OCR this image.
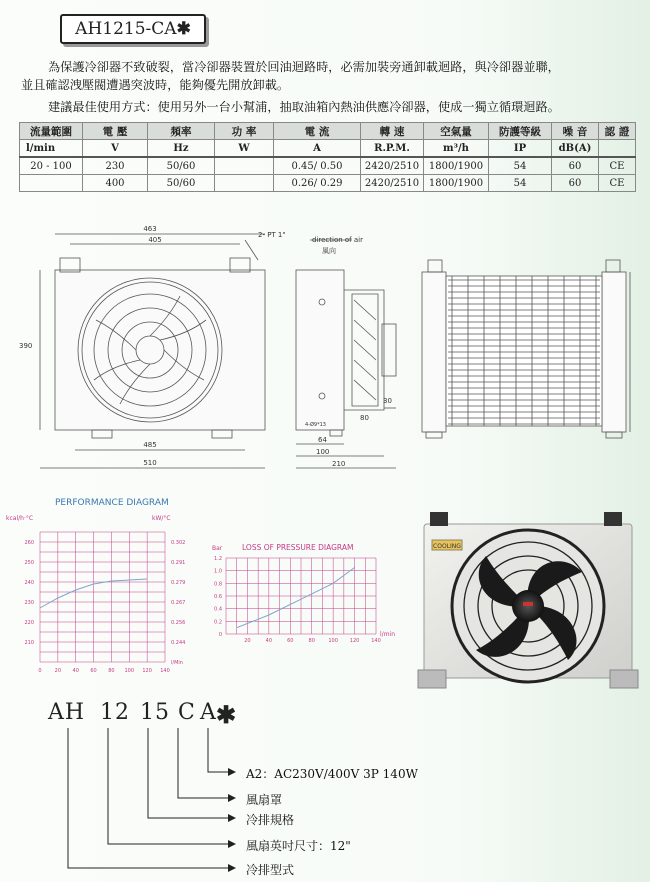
AH1215-CA✱
為保護冷卻器不致破裂，當冷卻器裝置於回油迴路時，必需加裝旁通卸載迴路，與冷卻器並聯，
並且確認洩壓閥遭遇突波時，能夠優先開放卸載。
建議最佳使用方式：使用另外一台小幫浦，抽取油箱內熱油供應冷卻器，使成一獨立循環迴路。
流量範圍	電 壓	頻率	功 率	電 流	轉 速	空氣量	防護等級	噪 音	認 證
l/min	V	Hz	W	A	R.P.M.	m³/h	IP	dB(A)	
20 - 100	230	50/60		0.45/ 0.50	2420/2510	1800/1900	54	60	CE
	400	50/60		0.26/ 0.29	2420/2510	1800/1900	54	60	CE
463
405
390
485
510
2- PT 1"
direction of air
風向
30
80
64
100
210
4-Ø9*13
PERFORMANCE DIAGRAM
kcal/h·°C	kW/°C
0	20 40 60 80 100 120 140
260	0.302
250	0.291
240	0.279
230	0.267
220	0.256
210	0.244
l/Min
LOSS OF PRESSURE DIAGRAM
Bar
l/min
1.2
1.0
0.8
0.6
0.4
0.2
0
20	40	60	80	100 120 140
COOLING
AH 12 15 C A ✱
A2：AC230V/400V 3P 140W
風扇罩
冷排規格
風扇英吋尺寸：12"
冷排型式
